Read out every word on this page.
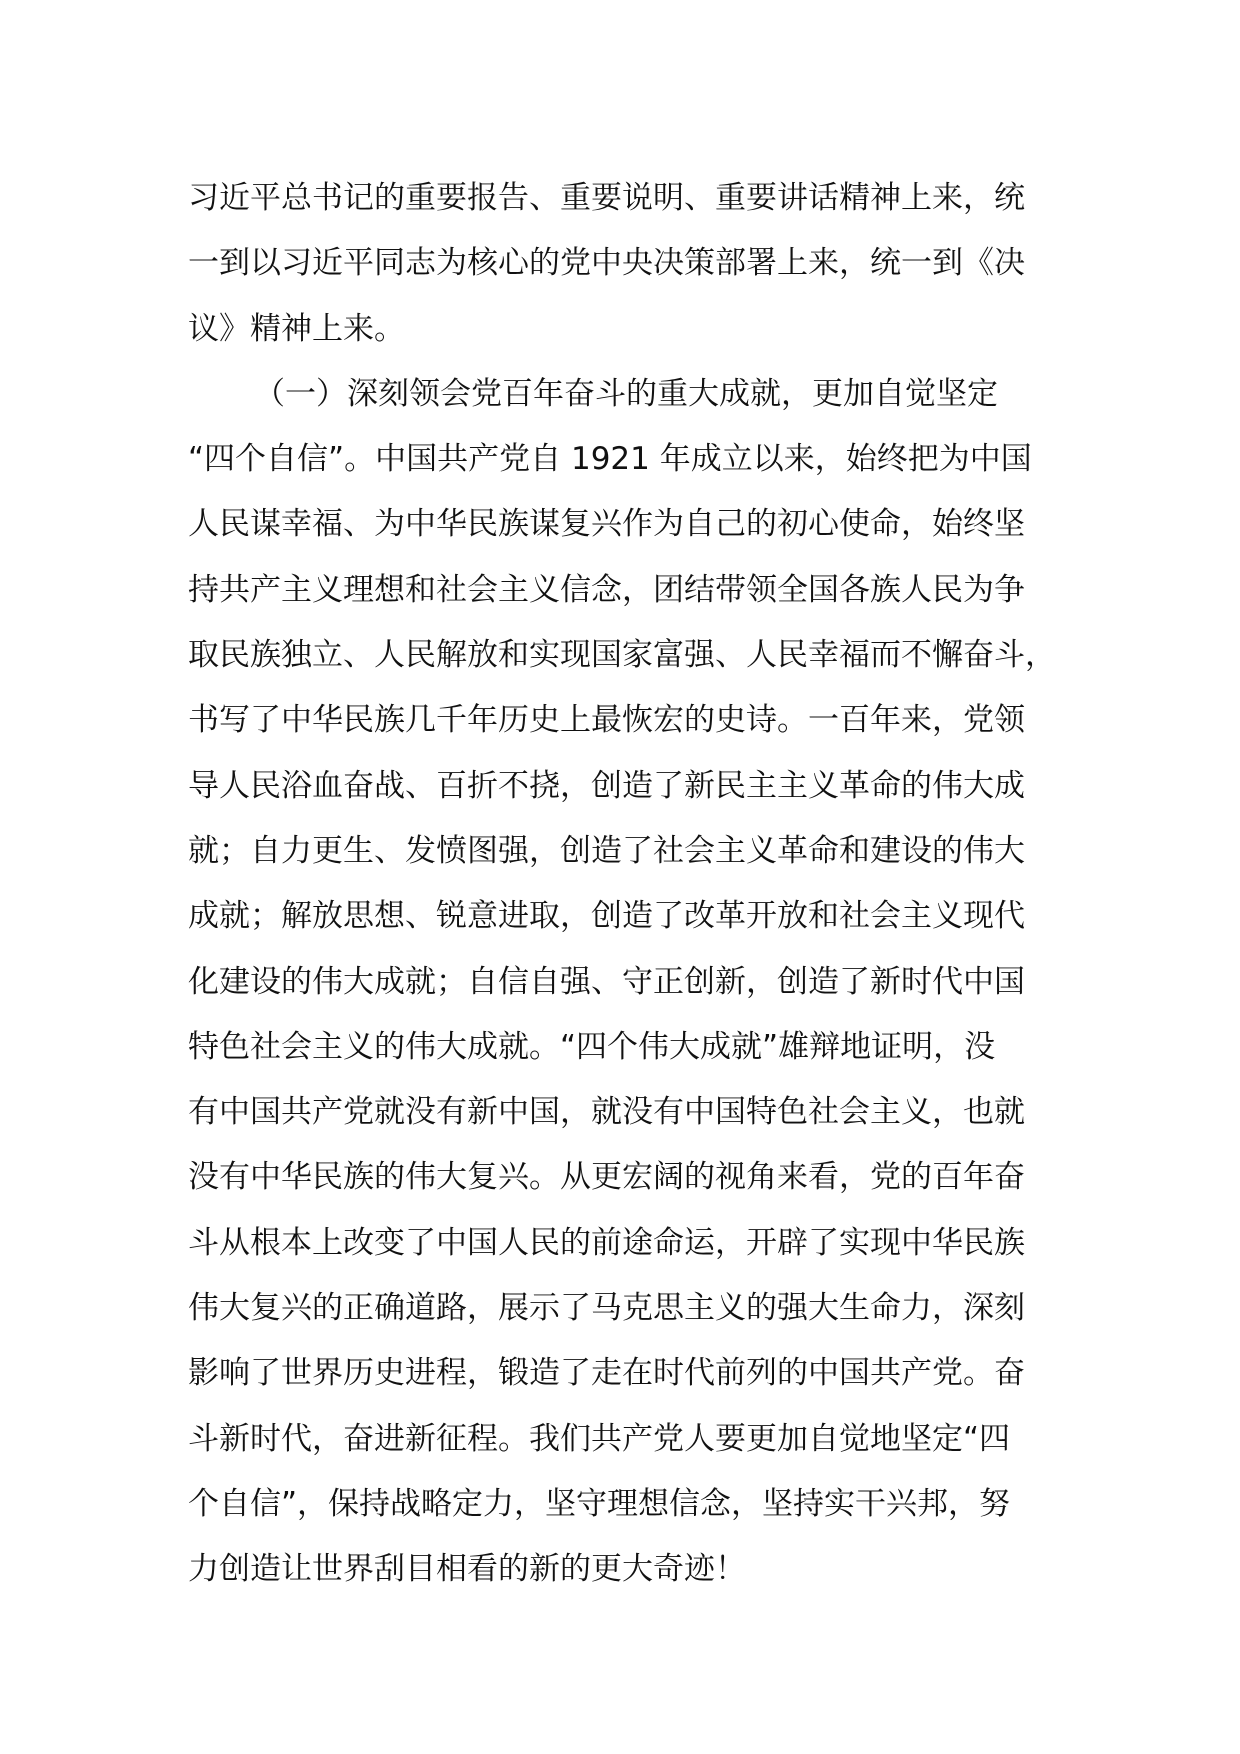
习近平总书记的重要报告、重要说明、重要讲话精神上来，统
一到以习近平同志为核心的党中央决策部署上来，统一到《决
议》精神上来。
（一）深刻领会党百年奋斗的重大成就，更加自觉坚定
“四个自信”。中国共产党自 1921 年成立以来，始终把为中国
人民谋幸福、为中华民族谋复兴作为自己的初心使命，始终坚
持共产主义理想和社会主义信念，团结带领全国各族人民为争
取民族独立、人民解放和实现国家富强、人民幸福而不懈奋斗，
书写了中华民族几千年历史上最恢宏的史诗。一百年来，党领
导人民浴血奋战、百折不挠，创造了新民主主义革命的伟大成
就；自力更生、发愤图强，创造了社会主义革命和建设的伟大
成就；解放思想、锐意进取，创造了改革开放和社会主义现代
化建设的伟大成就；自信自强、守正创新，创造了新时代中国
特色社会主义的伟大成就。“四个伟大成就”雄辩地证明，没
有中国共产党就没有新中国，就没有中国特色社会主义，也就
没有中华民族的伟大复兴。从更宏阔的视角来看，党的百年奋
斗从根本上改变了中国人民的前途命运，开辟了实现中华民族
伟大复兴的正确道路，展示了马克思主义的强大生命力，深刻
影响了世界历史进程，锻造了走在时代前列的中国共产党。奋
斗新时代，奋进新征程。我们共产党人要更加自觉地坚定“四
个自信”，保持战略定力，坚守理想信念，坚持实干兴邦，努
力创造让世界刮目相看的新的更大奇迹！
